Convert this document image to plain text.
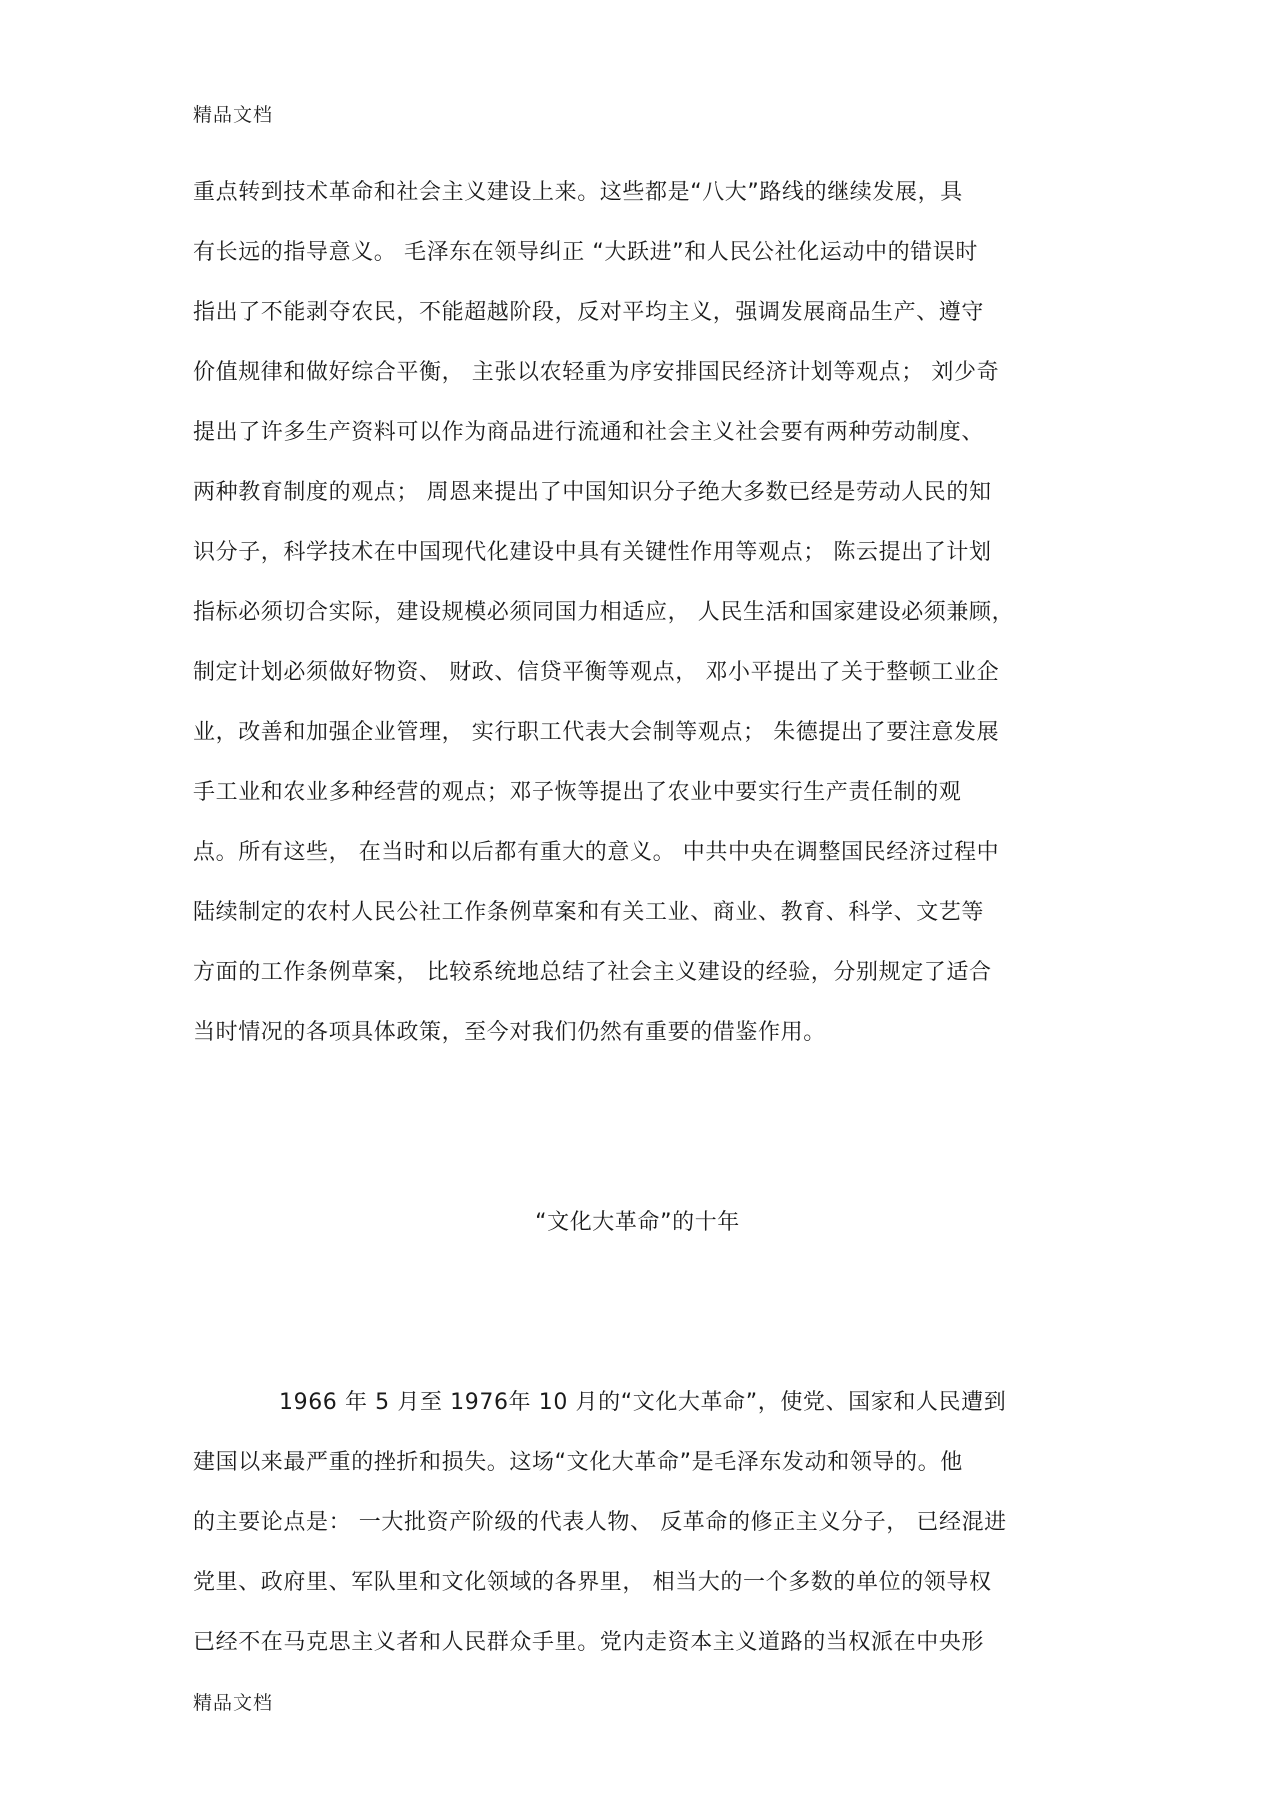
精品文档
重点转到技术革命和社会主义建设上来。这些都是“八大”路线的继续发展，具
有长远的指导意义。 毛泽东在领导纠正 “大跃进”和人民公社化运动中的错误时
指出了不能剥夺农民，不能超越阶段，反对平均主义，强调发展商品生产、遵守
价值规律和做好综合平衡， 主张以农轻重为序安排国民经济计划等观点； 刘少奇
提出了许多生产资料可以作为商品进行流通和社会主义社会要有两种劳动制度、
两种教育制度的观点； 周恩来提出了中国知识分子绝大多数已经是劳动人民的知
识分子，科学技术在中国现代化建设中具有关键性作用等观点； 陈云提出了计划
指标必须切合实际，建设规模必须同国力相适应， 人民生活和国家建设必须兼顾，
制定计划必须做好物资、 财政、信贷平衡等观点， 邓小平提出了关于整顿工业企
业，改善和加强企业管理， 实行职工代表大会制等观点； 朱德提出了要注意发展
手工业和农业多种经营的观点；邓子恢等提出了农业中要实行生产责任制的观
点。所有这些， 在当时和以后都有重大的意义。 中共中央在调整国民经济过程中
陆续制定的农村人民公社工作条例草案和有关工业、商业、教育、科学、文艺等
方面的工作条例草案， 比较系统地总结了社会主义建设的经验，分别规定了适合
当时情况的各项具体政策，至今对我们仍然有重要的借鉴作用。
“文化大革命”的十年
1966 年 5 月至 1976年 10 月的“文化大革命”，使党、国家和人民遭到
建国以来最严重的挫折和损失。这场“文化大革命”是毛泽东发动和领导的。他
的主要论点是： 一大批资产阶级的代表人物、 反革命的修正主义分子， 已经混进
党里、政府里、军队里和文化领域的各界里， 相当大的一个多数的单位的领导权
已经不在马克思主义者和人民群众手里。党内走资本主义道路的当权派在中央形
精品文档
